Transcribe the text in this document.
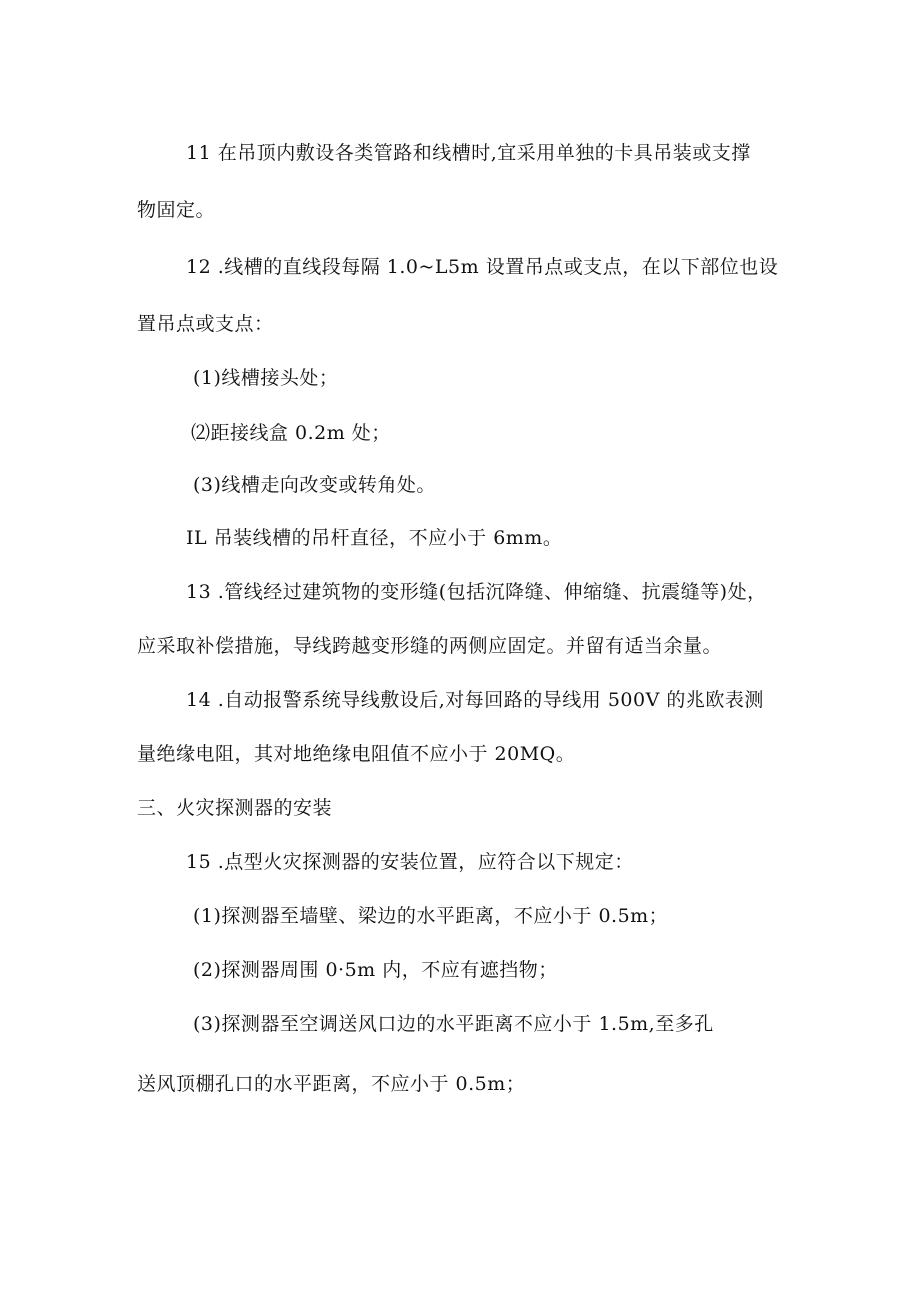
11 在吊顶内敷设各类管路和线槽时,宜采用单独的卡具吊装或支撑
物固定。
12 .线槽的直线段每隔 1.0~L5m 设置吊点或支点，在以下部位也设
置吊点或支点：
(1)线槽接头处；
⑵距接线盒 0.2m 处；
(3)线槽走向改变或转角处。
IL 吊装线槽的吊杆直径，不应小于 6mm。
13 .管线经过建筑物的变形缝(包括沉降缝、伸缩缝、抗震缝等)处，
应采取补偿措施，导线跨越变形缝的两侧应固定。并留有适当余量。
14 .自动报警系统导线敷设后,对每回路的导线用 500V 的兆欧表测
量绝缘电阻，其对地绝缘电阻值不应小于 20MQ。
三、火灾探测器的安装
15 .点型火灾探测器的安装位置，应符合以下规定：
(1)探测器至墙壁、梁边的水平距离，不应小于 0.5m；
(2)探测器周围 0·5m 内，不应有遮挡物；
(3)探测器至空调送风口边的水平距离不应小于 1.5m,至多孔
送风顶棚孔口的水平距离，不应小于 0.5m；
